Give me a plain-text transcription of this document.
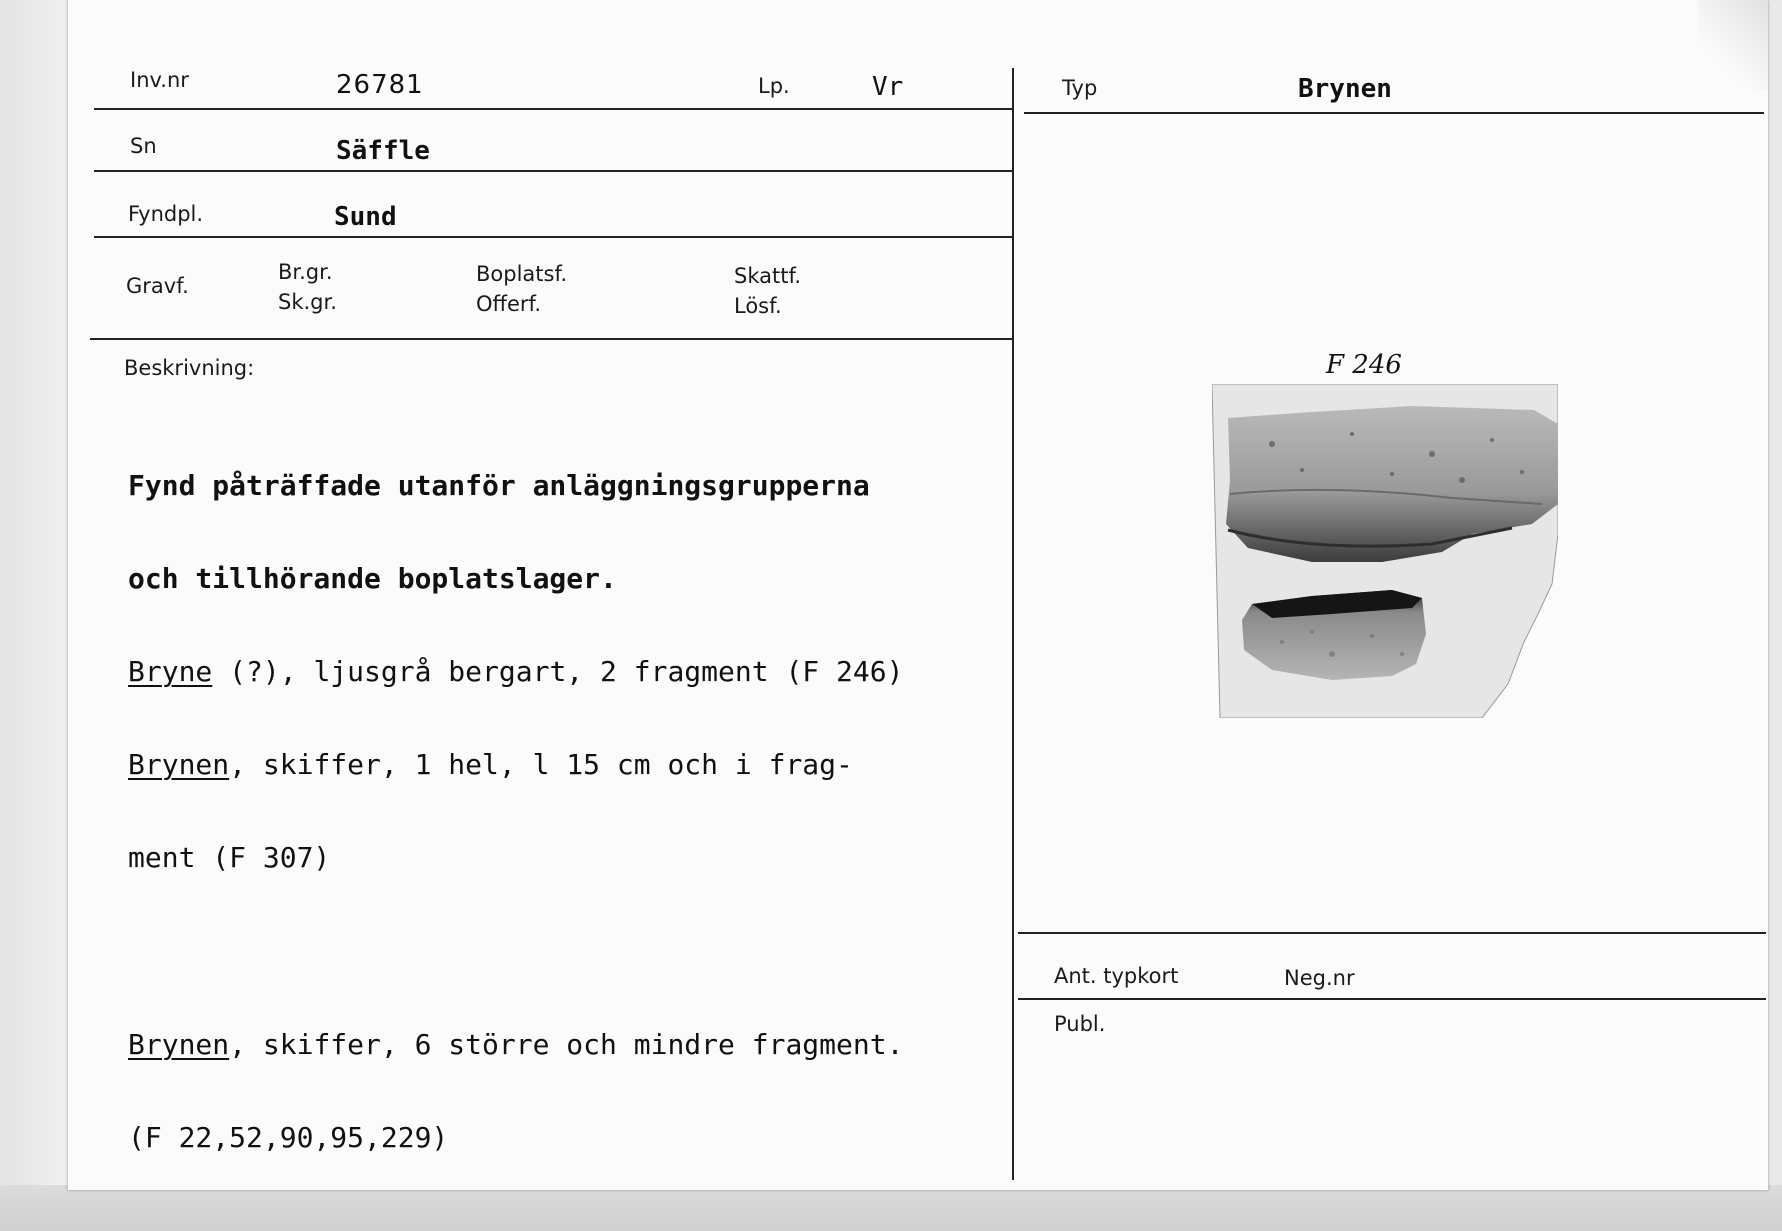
Inv.nr	26781	Lp.	Vr	Typ	Brynen
Sn	Säffle
Fyndpl.	Sund
Gravf.
Br.gr.
Sk.gr.
Boplatsf.
Offerf.
Skattf.
Lösf.
Beskrivning:

Fynd påträffade utanför anläggningsgrupperna

och tillhörande boplatslager.

Bryne (?), ljusgrå bergart, 2 fragment (F 246)

Brynen, skiffer, 1 hel, l 15 cm och i frag-

ment (F 307)

Brynen, skiffer, 6 större och mindre fragment.

(F 22,52,90,95,229)

F 246
Ant. typkort	Neg.nr
Publ.
